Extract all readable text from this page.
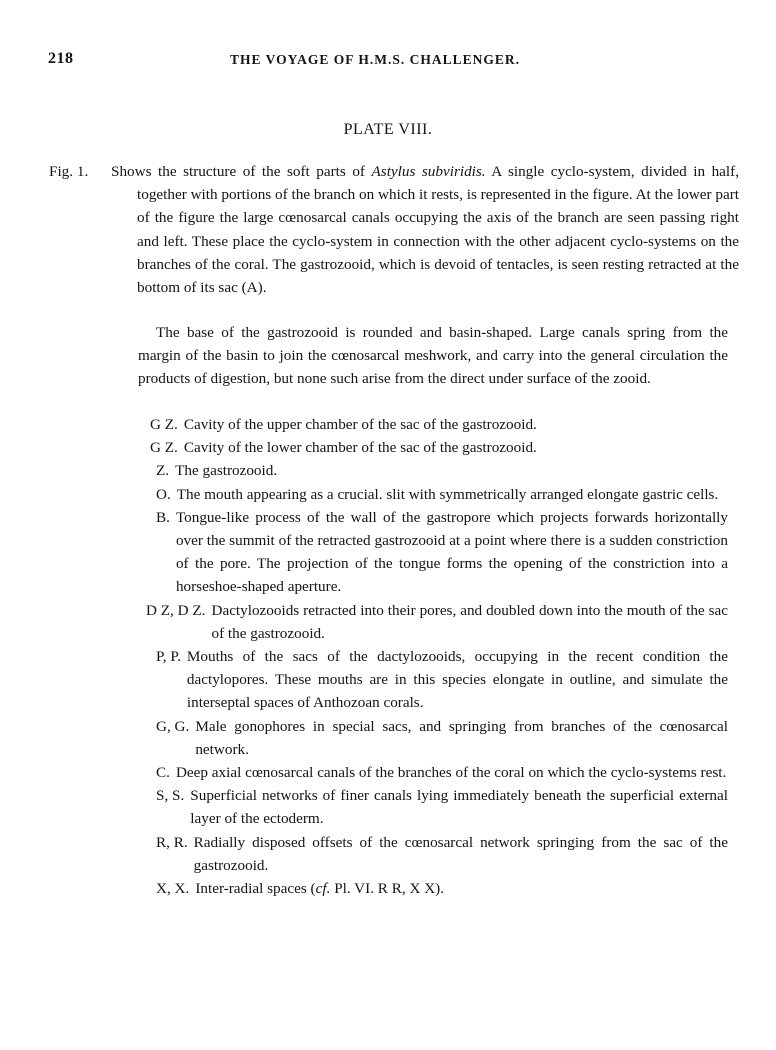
218	THE VOYAGE OF H.M.S. CHALLENGER.
PLATE VIII.
Fig. 1. Shows the structure of the soft parts of Astylus subviridis. A single cyclo-system, divided in half, together with portions of the branch on which it rests, is represented in the figure. At the lower part of the figure the large cœnosarcal canals occupying the axis of the branch are seen passing right and left. These place the cyclo-system in connection with the other adjacent cyclo-systems on the branches of the coral. The gastrozooid, which is devoid of tentacles, is seen resting retracted at the bottom of its sac (A).
The base of the gastrozooid is rounded and basin-shaped. Large canals spring from the margin of the basin to join the cœnosarcal meshwork, and carry into the general circulation the products of digestion, but none such arise from the direct under surface of the zooid.
G Z. Cavity of the upper chamber of the sac of the gastrozooid.
G Z. Cavity of the lower chamber of the sac of the gastrozooid.
Z. The gastrozooid.
O. The mouth appearing as a crucial. slit with symmetrically arranged elongate gastric cells.
B. Tongue-like process of the wall of the gastropore which projects forwards horizontally over the summit of the retracted gastrozooid at a point where there is a sudden constriction of the pore. The projection of the tongue forms the opening of the constriction into a horseshoe-shaped aperture.
D Z, D Z. Dactylozooids retracted into their pores, and doubled down into the mouth of the sac of the gastrozooid.
P, P. Mouths of the sacs of the dactylozooids, occupying in the recent condition the dactylopores. These mouths are in this species elongate in outline, and simulate the interseptal spaces of Anthozoan corals.
G, G. Male gonophores in special sacs, and springing from branches of the cœnosarcal network.
C. Deep axial cœnosarcal canals of the branches of the coral on which the cyclo-systems rest.
S, S. Superficial networks of finer canals lying immediately beneath the superficial external layer of the ectoderm.
R, R. Radially disposed offsets of the cœnosarcal network springing from the sac of the gastrozooid.
X, X. Inter-radial spaces (cf. Pl. VI. R R, X X).
